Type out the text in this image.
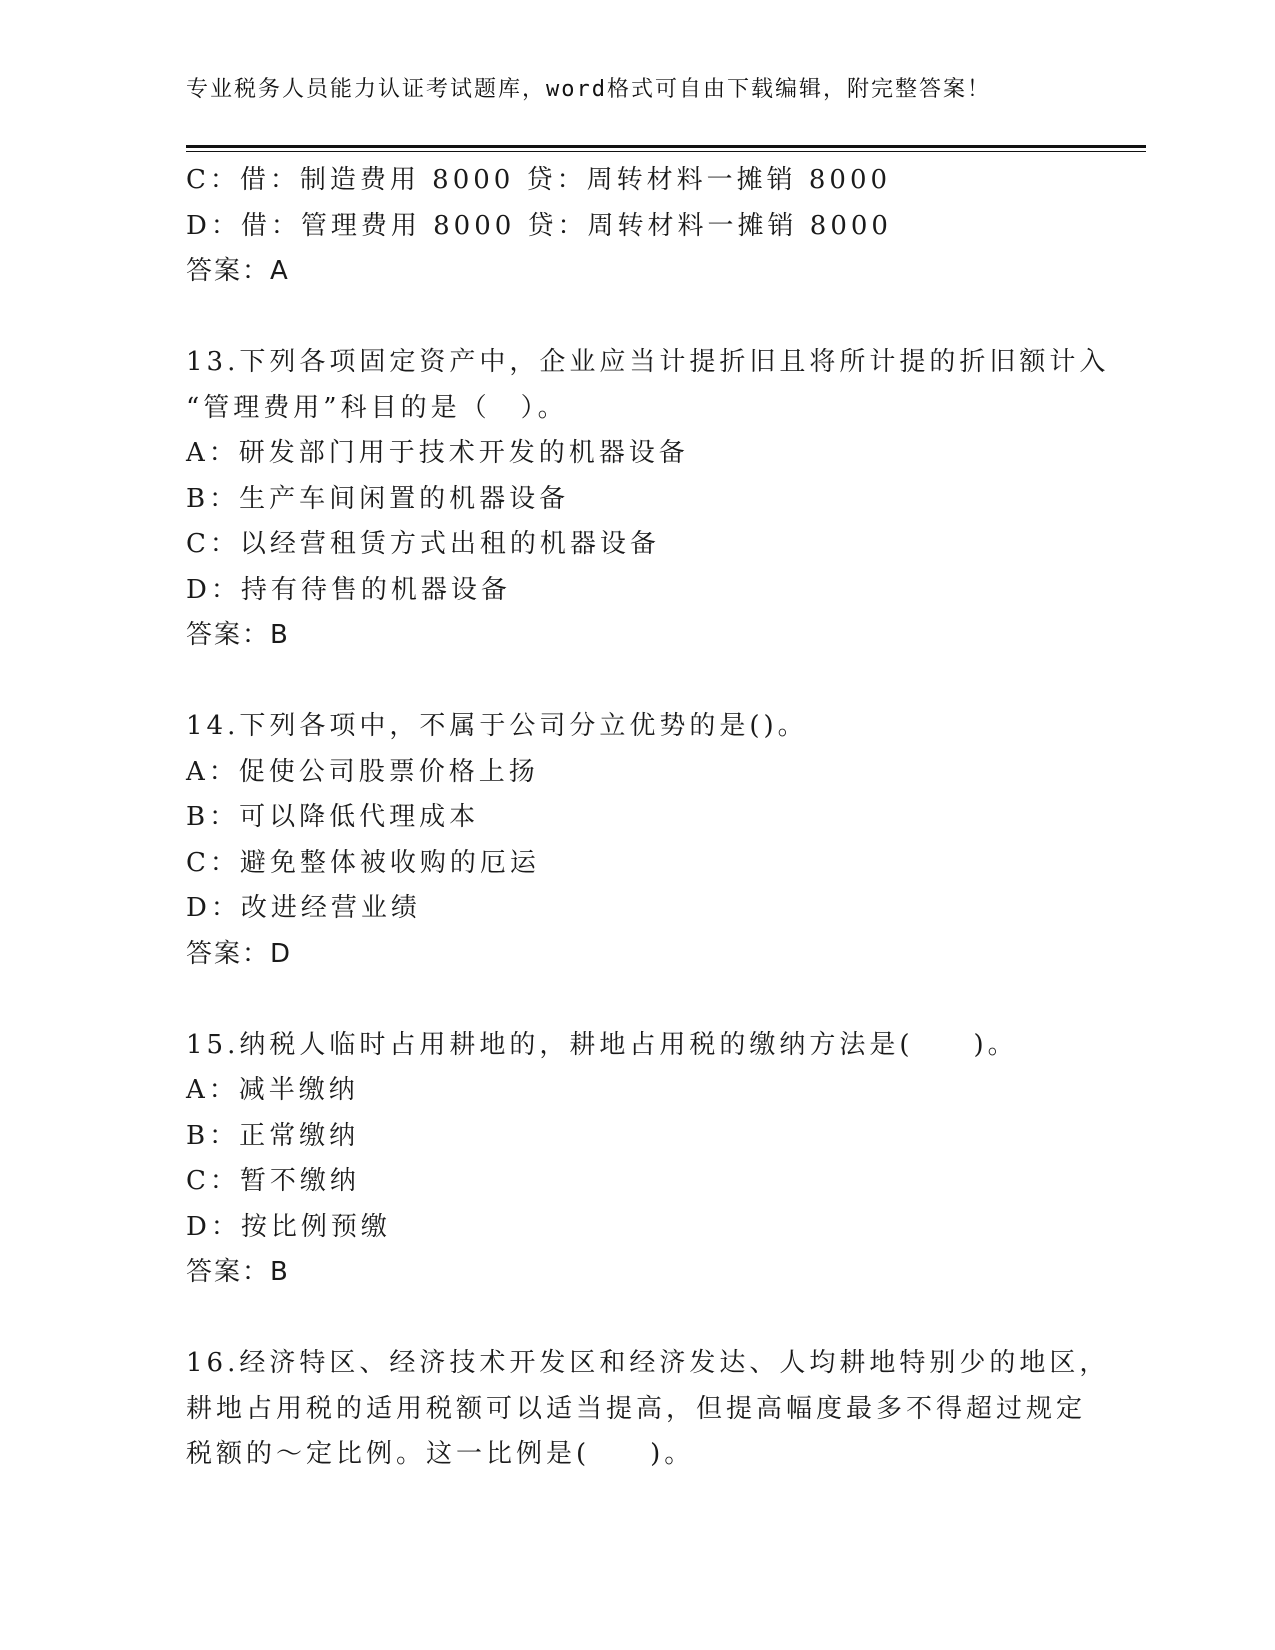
专业税务人员能力认证考试题库，word格式可自由下载编辑，附完整答案！
C：借：制造费用 8000 贷：周转材料一摊销 8000
D：借：管理费用 8000 贷：周转材料一摊销 8000
答案：A
13.下列各项固定资产中，企业应当计提折旧且将所计提的折旧额计入
“管理费用”科目的是（　）。
A：研发部门用于技术开发的机器设备
B：生产车间闲置的机器设备
C：以经营租赁方式出租的机器设备
D：持有待售的机器设备
答案：B
14.下列各项中，不属于公司分立优势的是()。
A：促使公司股票价格上扬
B：可以降低代理成本
C：避免整体被收购的厄运
D：改进经营业绩
答案：D
15.纳税人临时占用耕地的，耕地占用税的缴纳方法是(　　)。
A：减半缴纳
B：正常缴纳
C：暂不缴纳
D：按比例预缴
答案：B
16.经济特区、经济技术开发区和经济发达、人均耕地特别少的地区，
耕地占用税的适用税额可以适当提高，但提高幅度最多不得超过规定
税额的～定比例。这一比例是(　　)。
